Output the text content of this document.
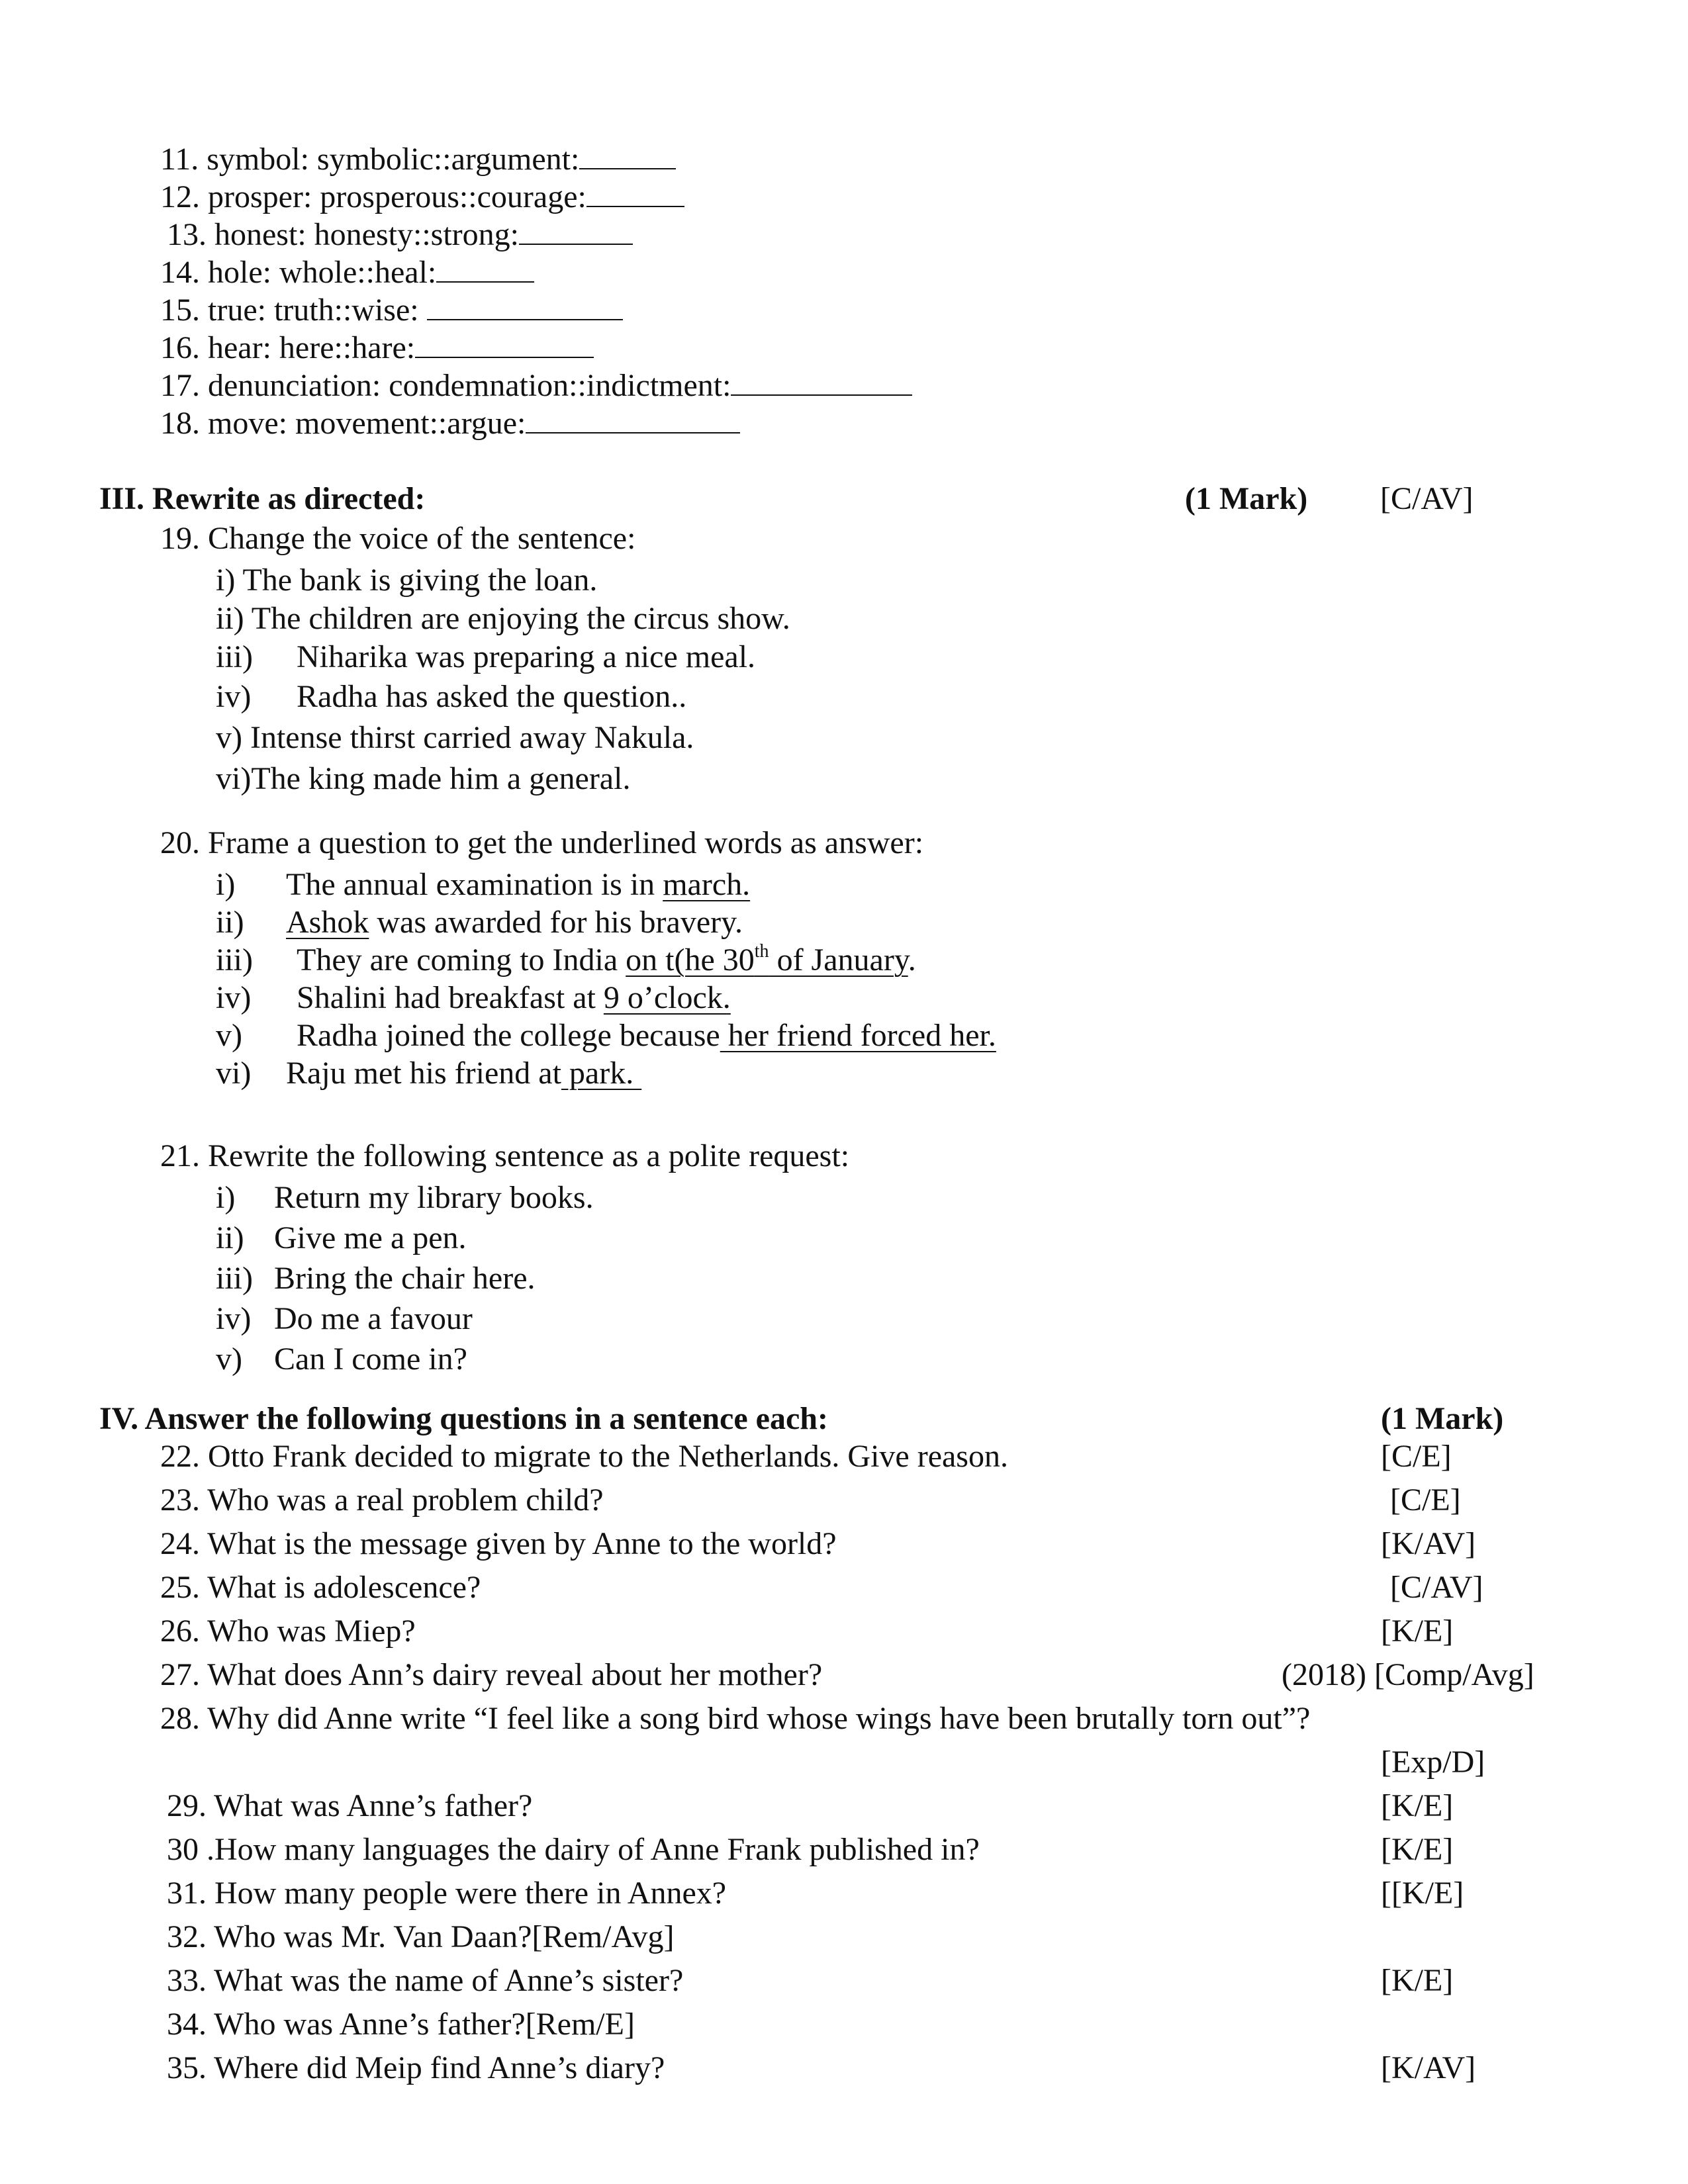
11. symbol: symbolic::argument:
12. prosper: prosperous::courage:
13. honest: honesty::strong:
14. hole: whole::heal:
15. true: truth::wise:
16. hear: here::hare:
17. denunciation: condemnation::indictment:
18. move: movement::argue:
III. Rewrite as directed:	(1 Mark) [C/AV]
19. Change the voice of the sentence:
i) The bank is giving the loan.
ii) The children are enjoying the circus show.
iii) Niharika was preparing a nice meal.
iv) Radha has asked the question..
v) Intense thirst carried away Nakula.
vi)The king made him a general.
20. Frame a question to get the underlined words as answer:
i) The annual examination is in march.
ii) Ashok was awarded for his bravery.
iii) They are coming to India on t(he 30th of January.
iv) Shalini had breakfast at 9 o’clock.
v) Radha joined the college because her friend forced her.
vi) Raju met his friend at park.
21. Rewrite the following sentence as a polite request:
i) Return my library books.
ii) Give me a pen.
iii) Bring the chair here.
iv) Do me a favour
v) Can I come in?
IV. Answer the following questions in a sentence each:	(1 Mark)
22. Otto Frank decided to migrate to the Netherlands. Give reason.	[C/E]
23. Who was a real problem child?	[C/E]
24. What is the message given by Anne to the world?	[K/AV]
25. What is adolescence?	[C/AV]
26. Who was Miep?	[K/E]
27. What does Ann’s dairy reveal about her mother?	(2018) [Comp/Avg]
28. Why did Anne write “I feel like a song bird whose wings have been brutally torn out”?
[Exp/D]
29. What was Anne’s father?	[K/E]
30 .How many languages the dairy of Anne Frank published in?	[K/E]
31. How many people were there in Annex?	[[K/E]
32. Who was Mr. Van Daan?[Rem/Avg]
33. What was the name of Anne’s sister?	[K/E]
34. Who was Anne’s father?[Rem/E]
35. Where did Meip find Anne’s diary?	[K/AV]
